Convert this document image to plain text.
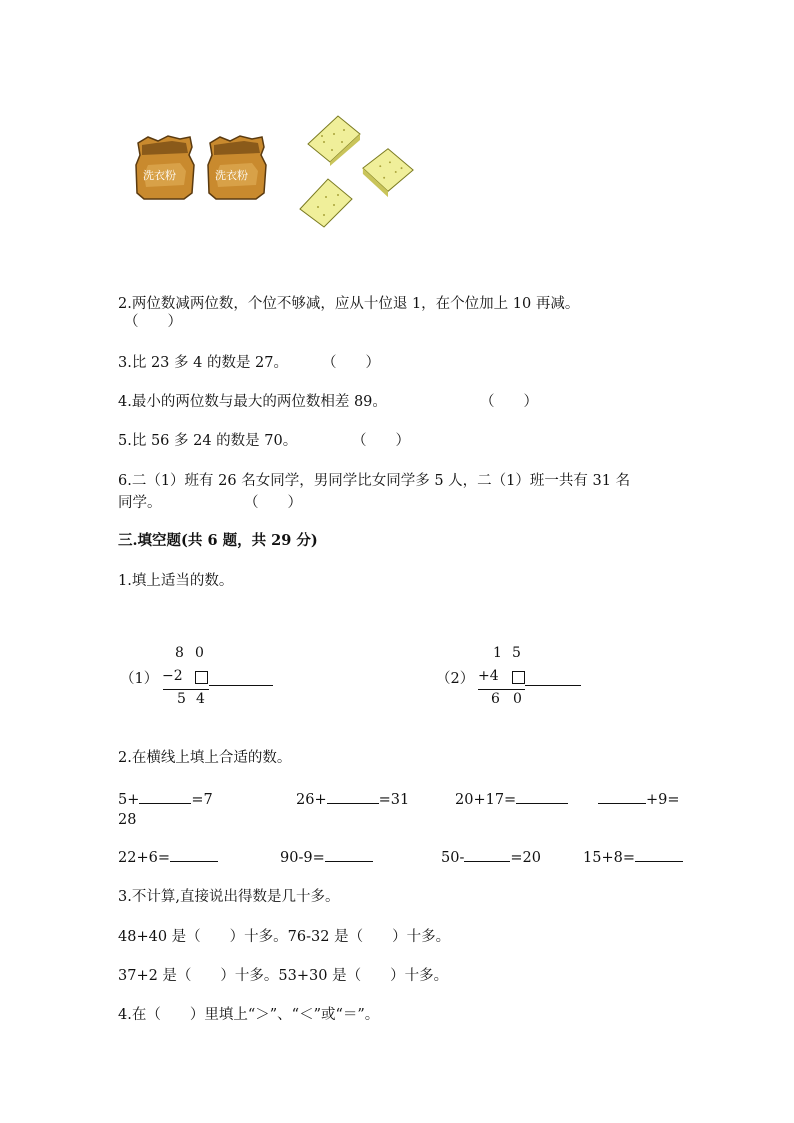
洗衣粉	洗衣粉
2.两位数减两位数，个位不够减，应从十位退 1，在个位加上 10 再减。
（　　）
3.比 23 多 4 的数是 27。 （　　）
4.最小的两位数与最大的两位数相差 89。	（　　）
5.比 56 多 24 的数是 70。	（　　）
6.二（1）班有 26 名女同学，男同学比女同学多 5 人，二（1）班一共有 31 名
同学。	（　　）
三.填空题(共 6 题，共 29 分)
1.填上适当的数。
（1）
8 0
−2
5 4
（2）
1 5
+4
6 0
2.在横线上填上合适的数。
5+	=7	26+	=31	20+17=	+9=
28
22+6=	90-9=	50-	=20	15+8=
3.不计算,直接说出得数是几十多。
48+40 是（　　）十多。76-32 是（　　）十多。
37+2 是（　　）十多。53+30 是（　　）十多。
4.在（　　）里填上“＞”、“＜”或“＝”。
